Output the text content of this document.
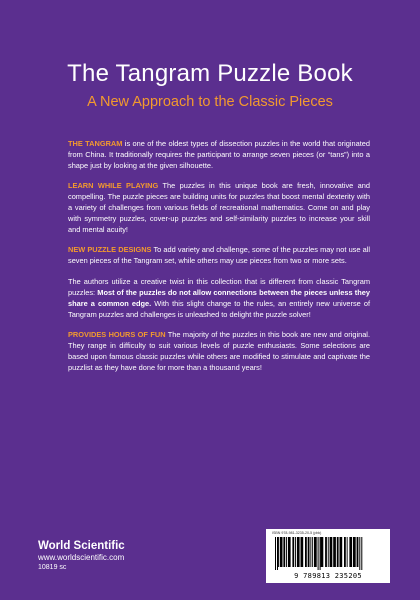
The Tangram Puzzle Book
A New Approach to the Classic Pieces

THE TANGRAM is one of the oldest types of dissection puzzles in the world that originated from China. It traditionally requires the participant to arrange seven pieces (or “tans”) into a shape just by looking at the given silhouette.

LEARN WHILE PLAYING The puzzles in this unique book are fresh, innovative and compelling. The puzzle pieces are building units for puzzles that boost mental dexterity with a variety of challenges from various fields of recreational mathematics. Come on and play with symmetry puzzles, cover-up puzzles and self-similarity puzzles to increase your skill and mental acuity!

NEW PUZZLE DESIGNS To add variety and challenge, some of the puzzles may not use all seven pieces of the Tangram set, while others may use pieces from two or more sets.

The authors utilize a creative twist in this collection that is different from classic Tangram puzzles: Most of the puzzles do not allow connections between the pieces unless they share a common edge. With this slight change to the rules, an entirely new universe of Tangram puzzles and challenges is unleashed to delight the puzzle solver!

PROVIDES HOURS OF FUN The majority of the puzzles in this book are new and original. They range in difficulty to suit various levels of puzzle enthusiasts. Some selections are based upon famous classic puzzles while others are modified to stimulate and captivate the puzzlist as they have done for more than a thousand years!

World Scientific
www.worldscientific.com
10819 sc
ISBN 978-981-3235-20-5 (pbk)
9 789813 235205
